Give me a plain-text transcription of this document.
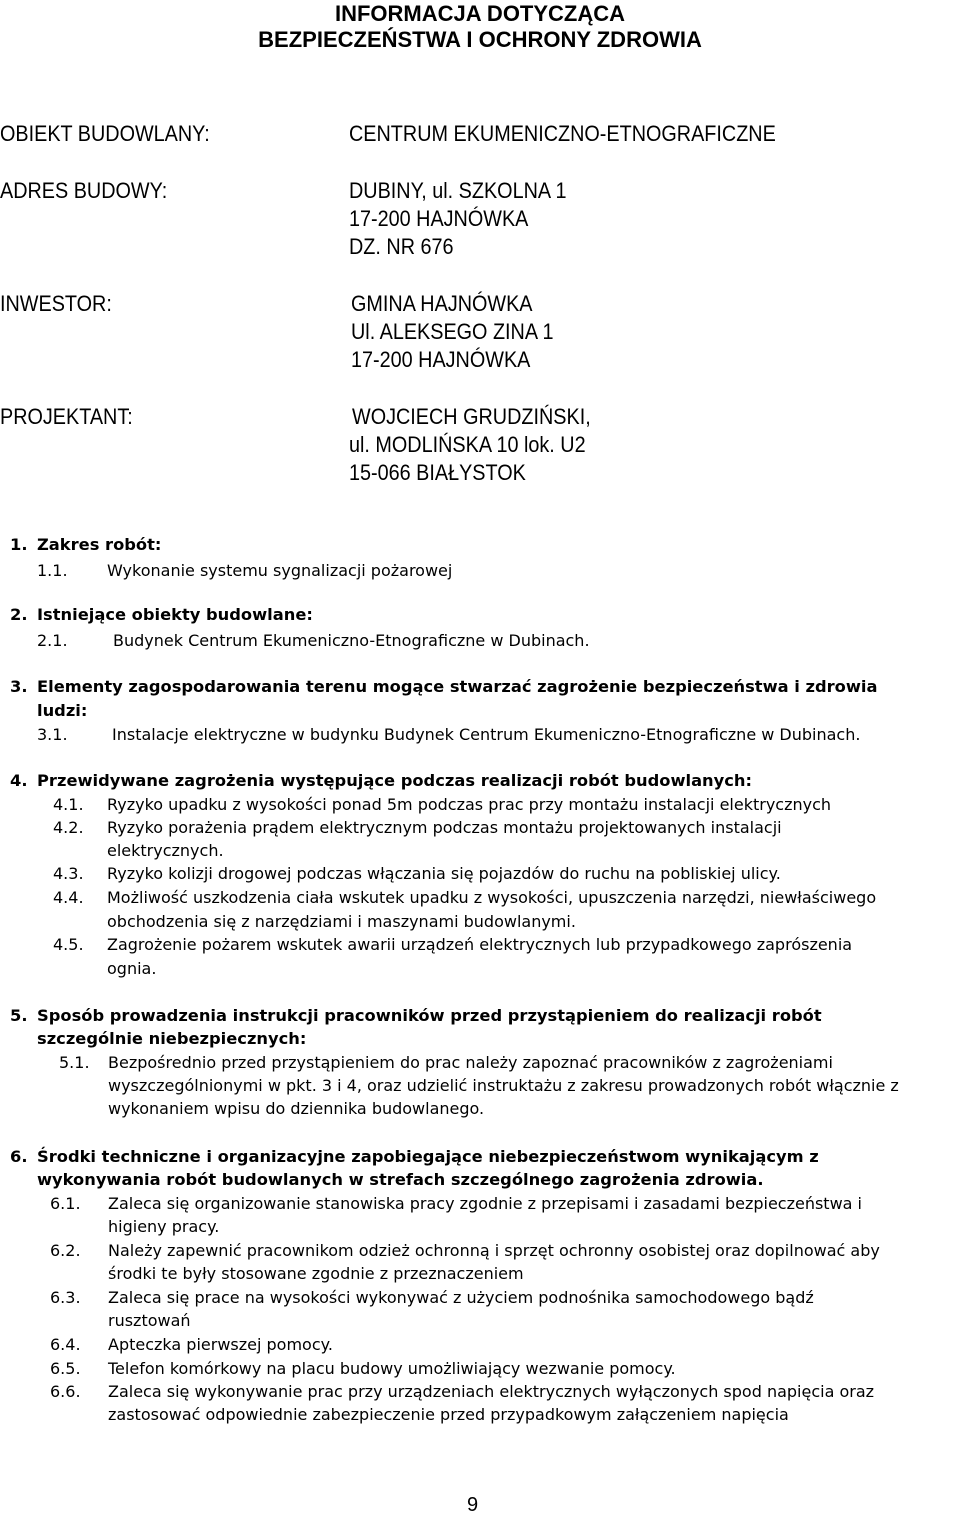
INFORMACJA DOTYCZĄCA
BEZPIECZEŃSTWA I OCHRONY ZDROWIA
OBIEKT BUDOWLANY:	CENTRUM EKUMENICZNO-ETNOGRAFICZNE
ADRES BUDOWY:	DUBINY, ul. SZKOLNA 1
17-200 HAJNÓWKA
DZ. NR 676
INWESTOR:	GMINA HAJNÓWKA
Ul. ALEKSEGO ZINA 1
17-200 HAJNÓWKA
PROJEKTANT:	WOJCIECH GRUDZIŃSKI,
ul. MODLIŃSKA 10 lok. U2
15-066 BIAŁYSTOK
1. Zakres robót:
1.1. Wykonanie systemu sygnalizacji pożarowej
2. Istniejące obiekty budowlane:
2.1.	Budynek Centrum Ekumeniczno-Etnograficzne w Dubinach.
3. Elementy zagospodarowania terenu mogące stwarzać zagrożenie bezpieczeństwa i zdrowia
ludzi:
3.1.	Instalacje elektryczne w budynku Budynek Centrum Ekumeniczno-Etnograficzne w Dubinach.
4. Przewidywane zagrożenia występujące podczas realizacji robót budowlanych:
4.1. Ryzyko upadku z wysokości ponad 5m podczas prac przy montażu instalacji elektrycznych
4.2. Ryzyko porażenia prądem elektrycznym podczas montażu projektowanych instalacji
elektrycznych.
4.3. Ryzyko kolizji drogowej podczas włączania się pojazdów do ruchu na pobliskiej ulicy.
4.4. Możliwość uszkodzenia ciała wskutek upadku z wysokości, upuszczenia narzędzi, niewłaściwego
obchodzenia się z narzędziami i maszynami budowlanymi.
4.5. Zagrożenie pożarem wskutek awarii urządzeń elektrycznych lub przypadkowego zaprószenia
ognia.
5. Sposób prowadzenia instrukcji pracowników przed przystąpieniem do realizacji robót
szczególnie niebezpiecznych:
5.1. Bezpośrednio przed przystąpieniem do prac należy zapoznać pracowników z zagrożeniami
wyszczególnionymi w pkt. 3 i 4, oraz udzielić instruktażu z zakresu prowadzonych robót włącznie z
wykonaniem wpisu do dziennika budowlanego.
6. Środki techniczne i organizacyjne zapobiegające niebezpieczeństwom wynikającym z
wykonywania robót budowlanych w strefach szczególnego zagrożenia zdrowia.
6.1. Zaleca się organizowanie stanowiska pracy zgodnie z przepisami i zasadami bezpieczeństwa i
higieny pracy.
6.2. Należy zapewnić pracownikom odzież ochronną i sprzęt ochronny osobistej oraz dopilnować aby
środki te były stosowane zgodnie z przeznaczeniem
6.3. Zaleca się prace na wysokości wykonywać z użyciem podnośnika samochodowego bądź
rusztowań
6.4. Apteczka pierwszej pomocy.
6.5. Telefon komórkowy na placu budowy umożliwiający wezwanie pomocy.
6.6. Zaleca się wykonywanie prac przy urządzeniach elektrycznych wyłączonych spod napięcia oraz
zastosować odpowiednie zabezpieczenie przed przypadkowym załączeniem napięcia
9
